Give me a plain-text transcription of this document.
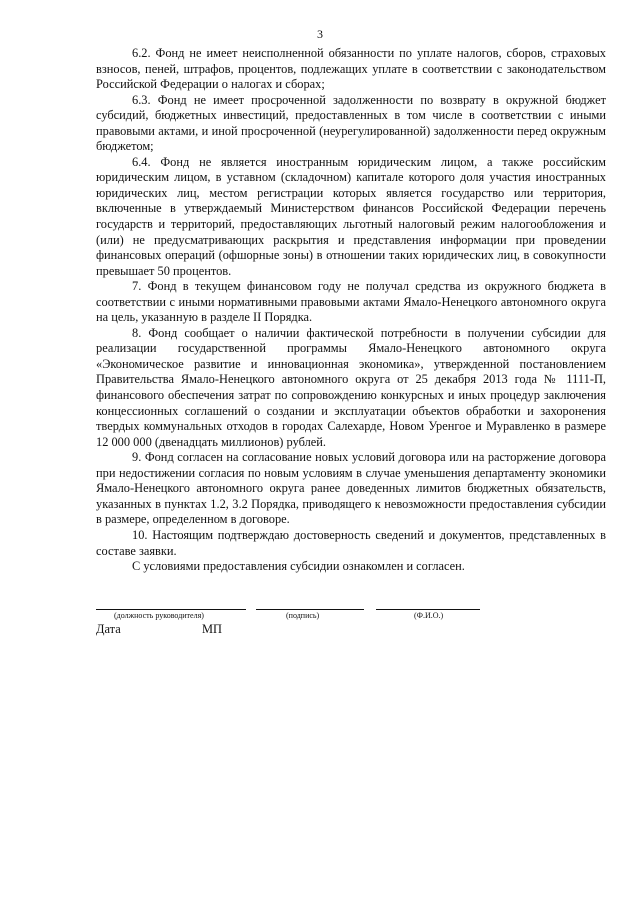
3

6.2. Фонд не имеет неисполненной обязанности по уплате налогов, сборов, страховых взносов, пеней, штрафов, процентов, подлежащих уплате в соответствии с законодательством Российской Федерации о налогах и сборах;

6.3. Фонд не имеет просроченной задолженности по возврату в окружной бюджет субсидий, бюджетных инвестиций, предоставленных в том числе в соответствии с иными правовыми актами, и иной просроченной (неурегулированной) задолженности перед окружным бюджетом;

6.4. Фонд не является иностранным юридическим лицом, а также российским юридическим лицом, в уставном (складочном) капитале которого доля участия иностранных юридических лиц, местом регистрации которых является государство или территория, включенные в утверждаемый Министерством финансов Российской Федерации перечень государств и территорий, предоставляющих льготный налоговый режим налогообложения и (или) не предусматривающих раскрытия и представления информации при проведении финансовых операций (офшорные зоны) в отношении таких юридических лиц, в совокупности превышает 50 процентов.

7. Фонд в текущем финансовом году не получал средства из окружного бюджета в соответствии с иными нормативными правовыми актами Ямало-Ненецкого автономного округа на цель, указанную в разделе II Порядка.

8. Фонд сообщает о наличии фактической потребности в получении субсидии для реализации государственной программы Ямало-Ненецкого автономного округа «Экономическое развитие и инновационная экономика», утвержденной постановлением Правительства Ямало-Ненецкого автономного округа от 25 декабря 2013 года № 1111-П, финансового обеспечения затрат по сопровождению конкурсных и иных процедур заключения концессионных соглашений о создании и эксплуатации объектов обработки и захоронения твердых коммунальных отходов в городах Салехарде, Новом Уренгое и Муравленко в размере 12 000 000 (двенадцать миллионов) рублей.

9. Фонд согласен на согласование новых условий договора или на расторжение договора при недостижении согласия по новым условиям в случае уменьшения департаменту экономики Ямало-Ненецкого автономного округа ранее доведенных лимитов бюджетных обязательств, указанных в пунктах 1.2, 3.2 Порядка, приводящего к невозможности предоставления субсидии в размере, определенном в договоре.

10. Настоящим подтверждаю достоверность сведений и документов, представленных в составе заявки.

С условиями предоставления субсидии ознакомлен и согласен.

(должность руководителя)	(подпись)	(Ф.И.О.)
Дата	МП
